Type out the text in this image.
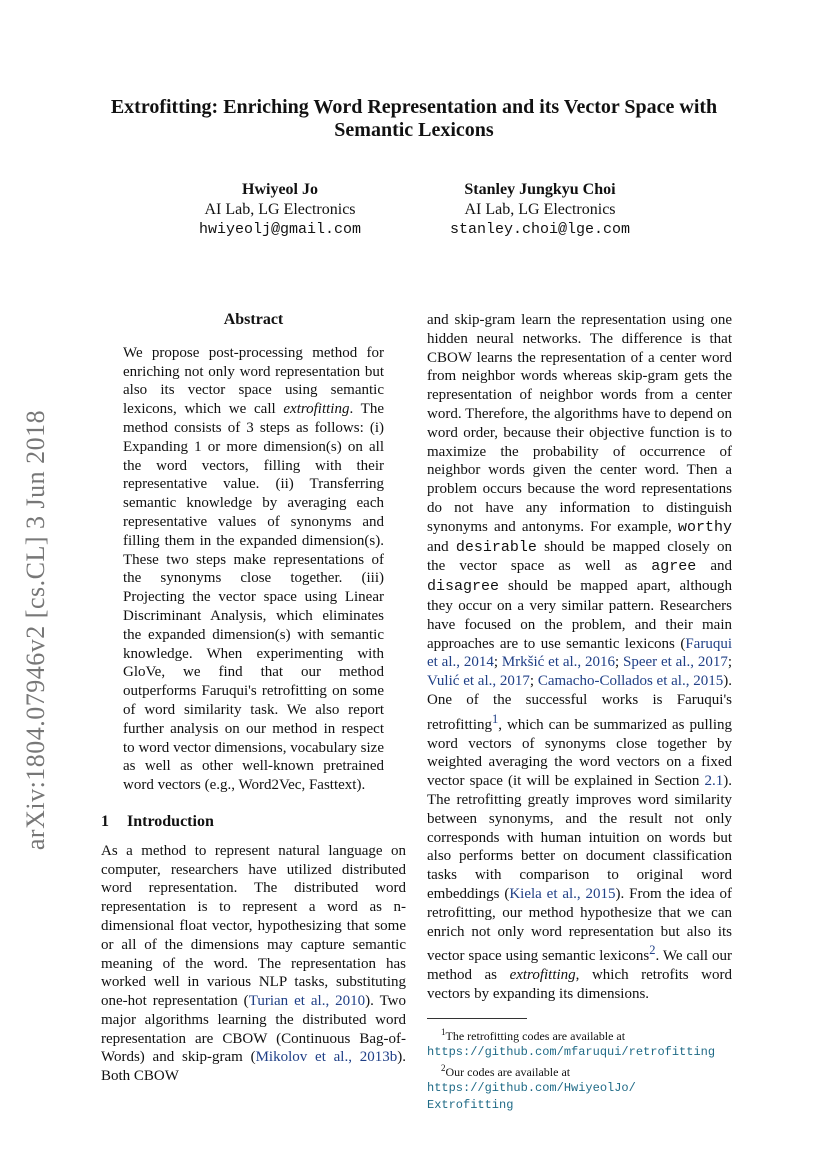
arXiv:1804.07946v2 [cs.CL] 3 Jun 2018
Extrofitting: Enriching Word Representation and its Vector Space with Semantic Lexicons
Hwiyeol Jo
AI Lab, LG Electronics
hwiyeolj@gmail.com
Stanley Jungkyu Choi
AI Lab, LG Electronics
stanley.choi@lge.com
Abstract

We propose post-processing method for enriching not only word representation but also its vector space using semantic lexicons, which we call extrofitting. The method consists of 3 steps as follows: (i) Expanding 1 or more dimension(s) on all the word vectors, filling with their representative value. (ii) Transferring semantic knowledge by averaging each representative values of synonyms and filling them in the expanded dimension(s). These two steps make representations of the synonyms close together. (iii) Projecting the vector space using Linear Discriminant Analysis, which eliminates the expanded dimension(s) with semantic knowledge. When experimenting with GloVe, we find that our method outperforms Faruqui's retrofitting on some of word similarity task. We also report further analysis on our method in respect to word vector dimensions, vocabulary size as well as other well-known pretrained word vectors (e.g., Word2Vec, Fasttext).

1 Introduction

As a method to represent natural language on computer, researchers have utilized distributed word representation. The distributed word representation is to represent a word as n-dimensional float vector, hypothesizing that some or all of the dimensions may capture semantic meaning of the word. The representation has worked well in various NLP tasks, substituting one-hot representation (Turian et al., 2010). Two major algorithms learning the distributed word representation are CBOW (Continuous Bag-of-Words) and skip-gram (Mikolov et al., 2013b). Both CBOW

and skip-gram learn the representation using one hidden neural networks. The difference is that CBOW learns the representation of a center word from neighbor words whereas skip-gram gets the representation of neighbor words from a center word. Therefore, the algorithms have to depend on word order, because their objective function is to maximize the probability of occurrence of neighbor words given the center word. Then a problem occurs because the word representations do not have any information to distinguish synonyms and antonyms. For example, worthy and desirable should be mapped closely on the vector space as well as agree and disagree should be mapped apart, although they occur on a very similar pattern. Researchers have focused on the problem, and their main approaches are to use semantic lexicons (Faruqui et al., 2014; Mrkšić et al., 2016; Speer et al., 2017; Vulić et al., 2017; Camacho-Collados et al., 2015). One of the successful works is Faruqui's retrofitting$^1$, which can be summarized as pulling word vectors of synonyms close together by weighted averaging the word vectors on a fixed vector space (it will be explained in Section 2.1). The retrofitting greatly improves word similarity between synonyms, and the result not only corresponds with human intuition on words but also performs better on document classification tasks with comparison to original word embeddings (Kiela et al., 2015). From the idea of retrofitting, our method hypothesize that we can enrich not only word representation but also its vector space using semantic lexicons$^2$. We call our method as extrofitting, which retrofits word vectors by expanding its dimensions.

$^1$The retrofitting codes are available at
https://github.com/mfaruqui/retrofitting
$^2$Our codes are available at
https://github.com/HwiyeolJo/
Extrofitting
